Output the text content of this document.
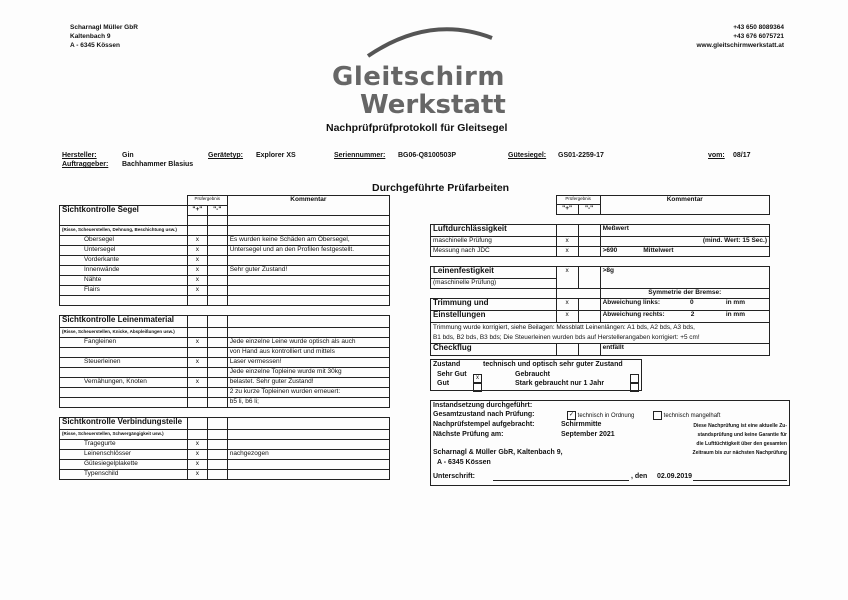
Scharnagl Müller GbR
Kaltenbach 9
A - 6345 Kössen
+43 650 8089364
+43 676 6075721
www.gleitschirmwerkstatt.at
Gleitschirm
Werkstatt
Nachprüfprüfprotokoll für Gleitsegel
Hersteller:	Gin	Gerätetyp: Explorer XS	Seriennummer: BG06-Q8100503P	Gütesiegel: GS01-2259-17	vom: 08/17
Auftraggeber: Bachhammer Blasius
Durchgeführte Prüfarbeiten
	Prüfergebnis		Kommentar
Sichtkontrolle Segel	"+"	"-"	

(Risse, Scheuerstellen, Dehnung, Beschichtung usw.)			
Obersegel	x		Es wurden keine Schäden am Obersegel,
Untersegel	x		Untersegel und an den Profilen festgestellt.
Vorderkante	x		
Innenwände	x		Sehr guter Zustand!
Nähte	x		
Flairs	x		

Sichtkontrolle Leinenmaterial			
(Risse, Scheuerstellen, Knicke, Abspleißungen usw.)			
Fangleinen	x		Jede einzelne Leine wurde optisch als auch
			von Hand aus kontrolliert und mittels
Steuerleinen	x		Laser vermessen!
			Jede einzelne Topleine wurde mit 30kg
Vernähungen, Knoten	x		belastet. Sehr guter Zustand!
			2 zu kurze Topleinen wurden erneuert:
			b5 li, b6 li;

Sichtkontrolle Verbindungsteile			
(Risse, Scheuerstellen, Schwergängigkeit usw.)			
Tragegurte	x		
Leinenschlösser	x		nachgezogen
Gütesiegelplakette	x		
Typenschild	x		
	Prüfergebnis		Kommentar
	"+"	"-"	

Luftdurchlässigkeit			Meßwert
maschinelle Prüfung	x		(mind. Wert: 15 Sec.)
Messung nach JDC	x		>690 Mittelwert

Leinenfestigkeit	x		>8g
(maschinelle Prüfung)			
			Symmetrie der Bremse:
Trimmung und	x		Abweichung links: 0 in mm

Einstellungen	x		Abweichung rechts: 2 in mm

Trimmung wurde korrigiert, siehe Beilagen: Messblatt Leinenlängen: A1 bds, A2 bds, A3 bds,
B1 bds, B2 bds, B3 bds; Die Steuerleinen wurden bds auf Herstellerangaben korrigiert: +5 cm!			
Checkflug			entfällt
Zustand	technisch und optisch sehr guter Zustand
Sehr Gut
x
Gebraucht
Gut	Stark gebraucht nur 1 Jahr
Instandsetzung durchgeführt:
Gesamtzustand nach Prüfung:	✓ technisch in Ordnung	technisch mangelhaft
Nachprüfstempel aufgebracht:	Schirmmitte
Nächste Prüfung am:	September 2021
Scharnagl & Müller GbR, Kaltenbach 9,
A - 6345 Kössen
Unterschrift:	, den 02.09.2019
Diese Nachprüfung ist eine aktuelle Zu-
standsprüfung und keine Garantie für
die Lufttüchtigkeit über den gesamten
Zeitraum bis zur nächsten Nachprüfung
